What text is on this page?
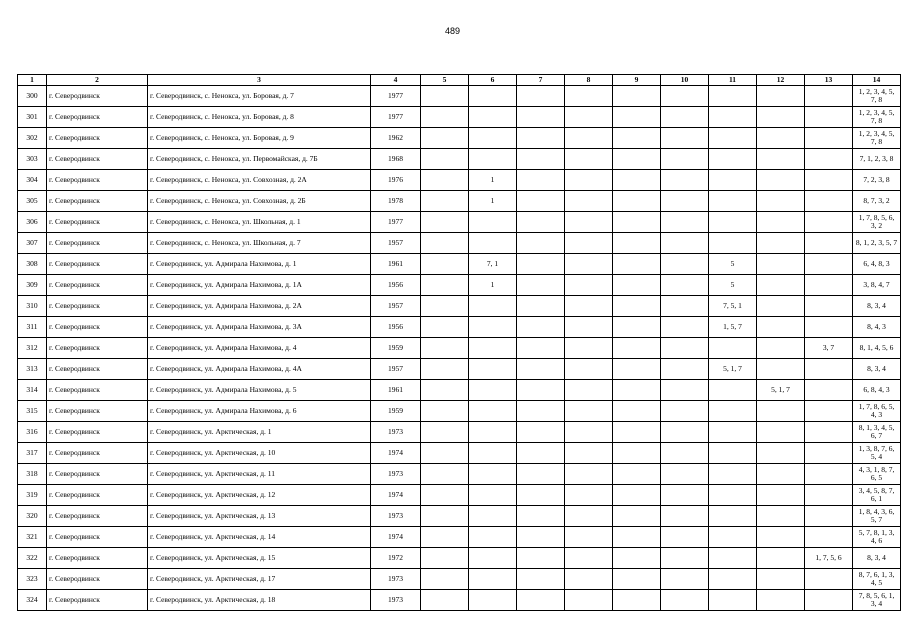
489
1	2	3	4	5	6	7	8	9	10	11	12	13	14
300	г. Северодвинск	г. Северодвинск, с. Ненокса, ул. Боровая, д. 7	1977										1, 2, 3, 4, 5, 7, 8
301	г. Северодвинск	г. Северодвинск, с. Ненокса, ул. Боровая, д. 8	1977										1, 2, 3, 4, 5, 7, 8
302	г. Северодвинск	г. Северодвинск, с. Ненокса, ул. Боровая, д. 9	1962										1, 2, 3, 4, 5, 7, 8
303	г. Северодвинск	г. Северодвинск, с. Ненокса, ул. Первомайская, д. 7Б	1968										7, 1, 2, 3, 8
304	г. Северодвинск	г. Северодвинск, с. Ненокса, ул. Совхозная, д. 2А	1976		1								7, 2, 3, 8
305	г. Северодвинск	г. Северодвинск, с. Ненокса, ул. Совхозная, д. 2Б	1978		1								8, 7, 3, 2
306	г. Северодвинск	г. Северодвинск, с. Ненокса, ул. Школьная, д. 1	1977										1, 7, 8, 5, 6, 3, 2
307	г. Северодвинск	г. Северодвинск, с. Ненокса, ул. Школьная, д. 7	1957										8, 1, 2, 3, 5, 7
308	г. Северодвинск	г. Северодвинск, ул. Адмирала Нахимова, д. 1	1961		7, 1					5			6, 4, 8, 3
309	г. Северодвинск	г. Северодвинск, ул. Адмирала Нахимова, д. 1А	1956		1					5			3, 8, 4, 7
310	г. Северодвинск	г. Северодвинск, ул. Адмирала Нахимова, д. 2А	1957							7, 5, 1			8, 3, 4
311	г. Северодвинск	г. Северодвинск, ул. Адмирала Нахимова, д. 3А	1956							1, 5, 7			8, 4, 3
312	г. Северодвинск	г. Северодвинск, ул. Адмирала Нахимова, д. 4	1959									3, 7	8, 1, 4, 5, 6
313	г. Северодвинск	г. Северодвинск, ул. Адмирала Нахимова, д. 4А	1957							5, 1, 7			8, 3, 4
314	г. Северодвинск	г. Северодвинск, ул. Адмирала Нахимова, д. 5	1961								5, 1, 7		6, 8, 4, 3
315	г. Северодвинск	г. Северодвинск, ул. Адмирала Нахимова, д. 6	1959										1, 7, 8, 6, 5, 4, 3
316	г. Северодвинск	г. Северодвинск, ул. Арктическая, д. 1	1973										8, 1, 3, 4, 5, 6, 7
317	г. Северодвинск	г. Северодвинск, ул. Арктическая, д. 10	1974										1, 3, 8, 7, 6, 5, 4
318	г. Северодвинск	г. Северодвинск, ул. Арктическая, д. 11	1973										4, 3, 1, 8, 7, 6, 5
319	г. Северодвинск	г. Северодвинск, ул. Арктическая, д. 12	1974										3, 4, 5, 8, 7, 6, 1
320	г. Северодвинск	г. Северодвинск, ул. Арктическая, д. 13	1973										1, 8, 4, 3, 6, 5, 7
321	г. Северодвинск	г. Северодвинск, ул. Арктическая, д. 14	1974										5, 7, 8, 1, 3, 4, 6
322	г. Северодвинск	г. Северодвинск, ул. Арктическая, д. 15	1972									1, 7, 5, 6	8, 3, 4
323	г. Северодвинск	г. Северодвинск, ул. Арктическая, д. 17	1973										8, 7, 6, 1, 3, 4, 5
324	г. Северодвинск	г. Северодвинск, ул. Арктическая, д. 18	1973										7, 8, 5, 6, 1, 3, 4
